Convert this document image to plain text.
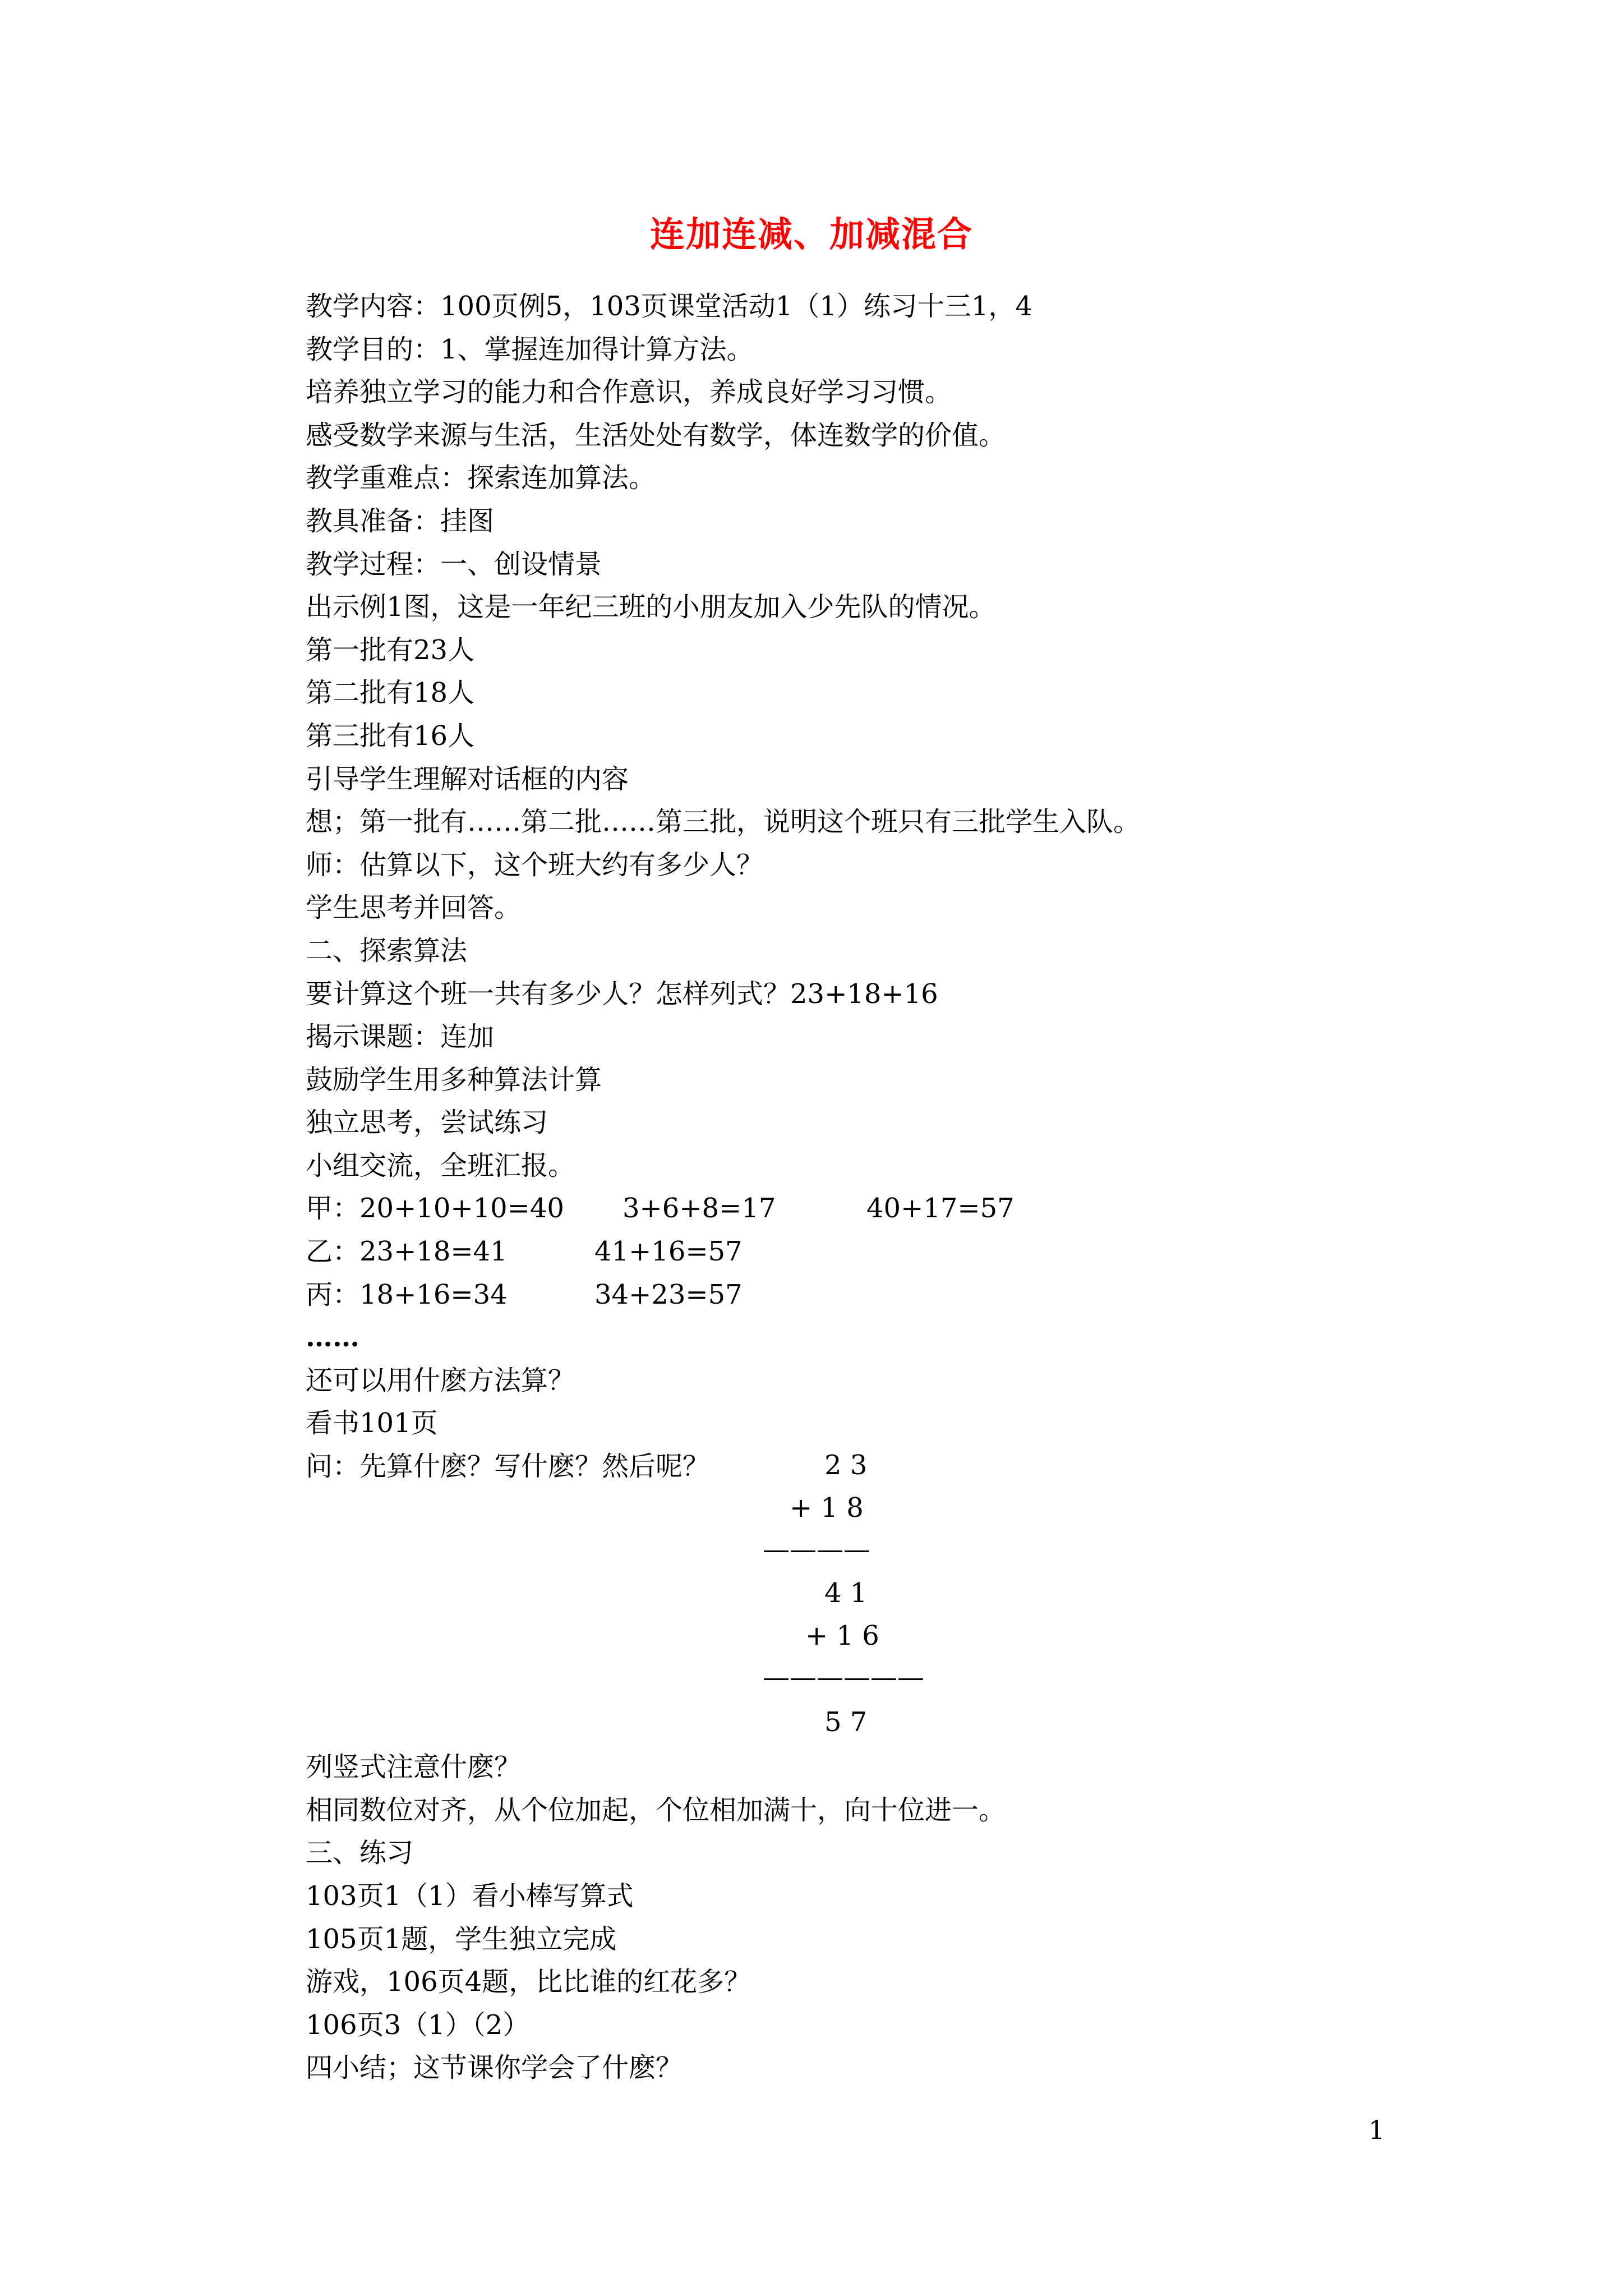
连加连减、加减混合
教学内容：100页例5，103页课堂活动1（1）练习十三1，4
教学目的：1、掌握连加得计算方法。
培养独立学习的能力和合作意识，养成良好学习习惯。
感受数学来源与生活，生活处处有数学，体连数学的价值。
教学重难点：探索连加算法。
教具准备：挂图
教学过程：一、创设情景
出示例1图，这是一年纪三班的小朋友加入少先队的情况。
第一批有23人
第二批有18人
第三批有16人
引导学生理解对话框的内容
想；第一批有……第二批……第三批，说明这个班只有三批学生入队。
师：估算以下，这个班大约有多少人？
学生思考并回答。
二、探索算法
要计算这个班一共有多少人？怎样列式？23+18+16
揭示课题：连加
鼓励学生用多种算法计算
独立思考，尝试练习
小组交流，全班汇报。
甲：20+10+10=40 3+6+8=17	40+17=57
乙：23+18=41	41+16=57
丙：18+16=34	34+23=57
……
还可以用什麽方法算？
看书101页
问：先算什麽？写什麽？然后呢？
列竖式注意什麽？
相同数位对齐，从个位加起，个位相加满十，向十位进一。
三、练习
103页1（1）看小棒写算式
105页1题，学生独立完成
游戏，106页4题，比比谁的红花多？
106页3（1）（2）
四小结；这节课你学会了什麽？
2 3
+ 1 8
————
4 1
+ 1 6
——————
5 7
1
